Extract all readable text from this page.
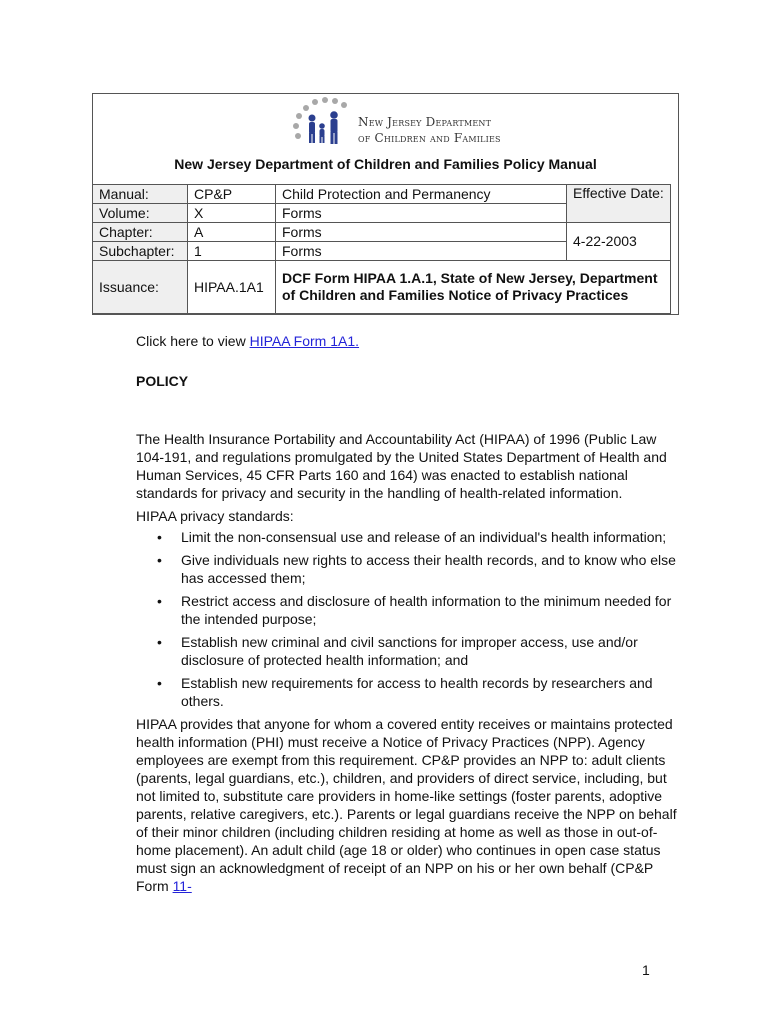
New Jersey Department
of Children and Families
New Jersey Department of Children and Families Policy Manual
Manual:	CP&P	Child Protection and Permanency	Effective Date:
Volume:	X	Forms	
Chapter:	A	Forms	4-22-2003
Subchapter:	1	Forms	
Issuance:	HIPAA.1A1	DCF Form HIPAA 1.A.1, State of New Jersey, Department of Children and Families Notice of Privacy Practices	

Click here to view HIPAA Form 1A1.

POLICY

The Health Insurance Portability and Accountability Act (HIPAA) of 1996 (Public Law 104-191, and regulations promulgated by the United States Department of Health and Human Services, 45 CFR Parts 160 and 164) was enacted to establish national standards for privacy and security in the handling of health-related information.

HIPAA privacy standards:

• Limit the non-consensual use and release of an individual's health information;
• Give individuals new rights to access their health records, and to know who else has accessed them;
• Restrict access and disclosure of health information to the minimum needed for the intended purpose;
• Establish new criminal and civil sanctions for improper access, use and/or disclosure of protected health information; and
• Establish new requirements for access to health records by researchers and others.

HIPAA provides that anyone for whom a covered entity receives or maintains protected health information (PHI) must receive a Notice of Privacy Practices (NPP). Agency employees are exempt from this requirement. CP&P provides an NPP to: adult clients (parents, legal guardians, etc.), children, and providers of direct service, including, but not limited to, substitute care providers in home-like settings (foster parents, adoptive parents, relative caregivers, etc.). Parents or legal guardians receive the NPP on behalf of their minor children (including children residing at home as well as those in out-of-home placement). An adult child (age 18 or older) who continues in open case status must sign an acknowledgment of receipt of an NPP on his or her own behalf (CP&P Form 11-

1
